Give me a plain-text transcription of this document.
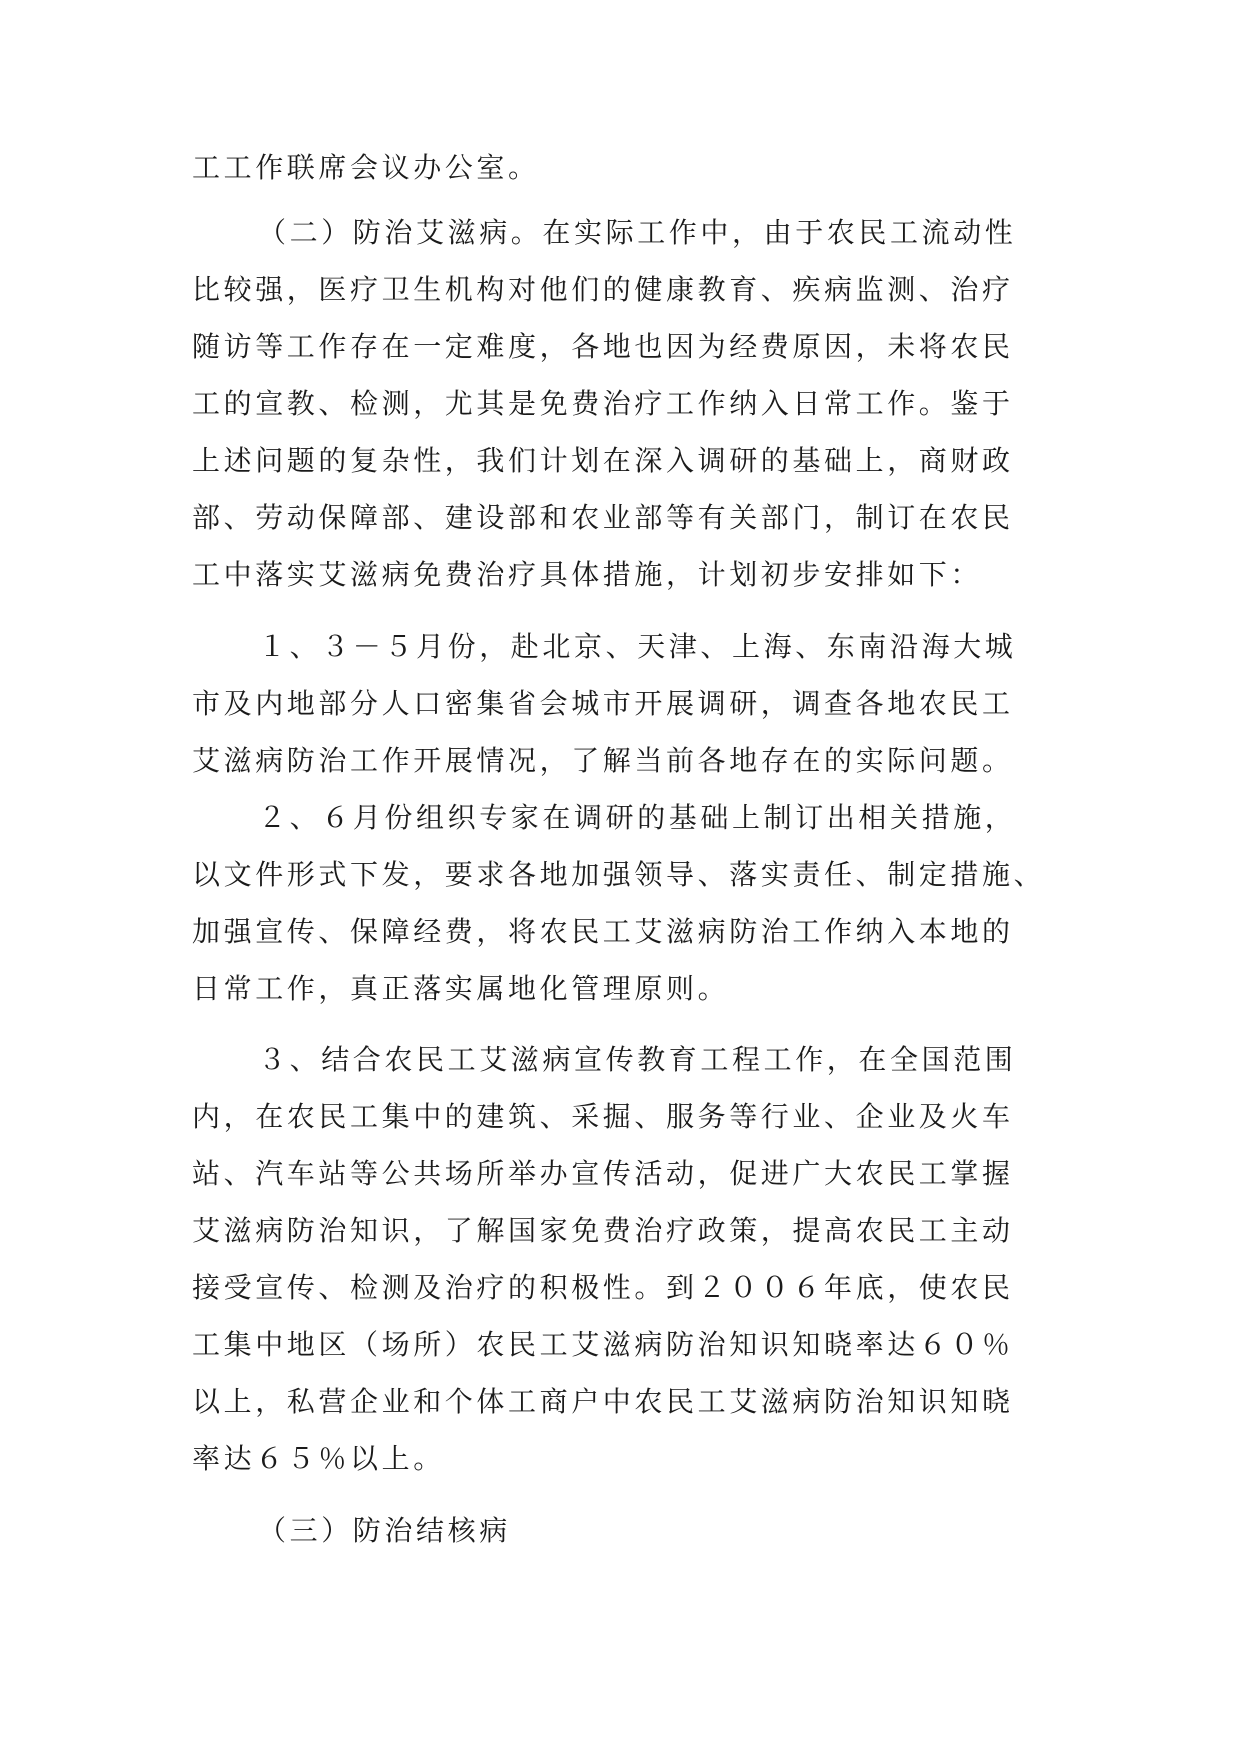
工工作联席会议办公室。
（二）防治艾滋病。在实际工作中，由于农民工流动性
比较强，医疗卫生机构对他们的健康教育、疾病监测、治疗
随访等工作存在一定难度，各地也因为经费原因，未将农民
工的宣教、检测，尤其是免费治疗工作纳入日常工作。鉴于
上述问题的复杂性，我们计划在深入调研的基础上，商财政
部、劳动保障部、建设部和农业部等有关部门，制订在农民
工中落实艾滋病免费治疗具体措施，计划初步安排如下：
１、３－５月份，赴北京、天津、上海、东南沿海大城
市及内地部分人口密集省会城市开展调研，调查各地农民工
艾滋病防治工作开展情况，了解当前各地存在的实际问题。
２、６月份组织专家在调研的基础上制订出相关措施，
以文件形式下发，要求各地加强领导、落实责任、制定措施、
加强宣传、保障经费，将农民工艾滋病防治工作纳入本地的
日常工作，真正落实属地化管理原则。
３、结合农民工艾滋病宣传教育工程工作，在全国范围
内，在农民工集中的建筑、采掘、服务等行业、企业及火车
站、汽车站等公共场所举办宣传活动，促进广大农民工掌握
艾滋病防治知识，了解国家免费治疗政策，提高农民工主动
接受宣传、检测及治疗的积极性。到２００６年底，使农民
工集中地区（场所）农民工艾滋病防治知识知晓率达６０％
以上，私营企业和个体工商户中农民工艾滋病防治知识知晓
率达６５％以上。
（三）防治结核病
